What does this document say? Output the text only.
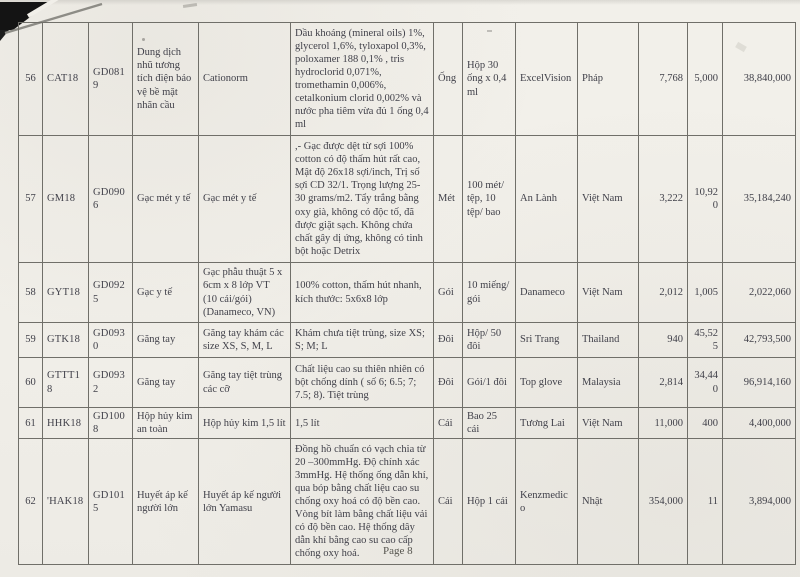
56	CAT18	GD0819	Dung dịch nhũ tương tích điện bảo vệ bề mặt nhãn cầu	Cationorm	Dầu khoáng (mineral oils) 1%, glycerol 1,6%, tyloxapol 0,3%, poloxamer 188 0,1% , tris hydroclorid 0,071%, tromethamin 0,006%, cetalkonium clorid 0,002% và nước pha tiêm vừa đủ 1 ống 0,4 ml	Ống	Hộp 30 ống x 0,4 ml	ExcelVision	Pháp	7,768	5,000	38,840,000
57	GM18	GD0906	Gạc mét y tế	Gạc mét y tế	,- Gạc được dệt từ sợi 100% cotton có độ thấm hút rất cao, Mật độ 26x18 sợi/inch, Trị số sợi CD 32/1. Trọng lượng 25-30 grams/m2. Tẩy trắng bằng oxy già, không có độc tố, đã được giặt sạch. Không chứa chất gây dị ứng, không có tinh bột hoặc Detrix	Mét	100 mét/ tệp, 10 tệp/ bao	An Lành	Việt Nam	3,222	10,920	35,184,240
58	GYT18	GD0925	Gạc y tế	Gạc phẫu thuật 5 x 6cm x 8 lớp VT (10 cái/gói) (Danameco, VN)	100% cotton, thấm hút nhanh, kích thước: 5x6x8 lớp	Gói	10 miếng/ gói	Danameco	Việt Nam	2,012	1,005	2,022,060
59	GTK18	GD0930	Găng tay	Găng tay khám các size XS, S, M, L	Khám chưa tiệt trùng, size XS; S; M; L	Đôi	Hộp/ 50 đôi	Sri Trang	Thailand	940	45,525	42,793,500
60	GTTT18	GD0932	Găng tay	Găng tay tiệt trùng các cỡ	Chất liệu cao su thiên nhiên có bột chống dính ( số 6; 6.5; 7; 7.5; 8). Tiệt trùng	Đôi	Gói/1 đôi	Top glove	Malaysia	2,814	34,440	96,914,160
61	HHK18	GD1008	Hộp hủy kim an toàn	Hộp hủy kim 1,5 lít	1,5 lít	Cái	Bao 25 cái	Tương Lai	Việt Nam	11,000	400	4,400,000
62	'HAK18	GD1015	Huyết áp kế người lớn	Huyết áp kế người lớn Yamasu	Đồng hồ chuẩn có vạch chia từ 20 –300mmHg. Độ chính xác 3mmHg. Hệ thống ống dẫn khí, qua bóp bằng chất liệu cao su chống oxy hoá có độ bền cao. Vòng bít làm bằng chất liệu vải có độ bền cao. Hệ thống dây dẫn khí bằng cao su cao cấp chống oxy hoá.	Cái	Hộp 1 cái	Kenzmedico	Nhật	354,000	11	3,894,000
Page 8
